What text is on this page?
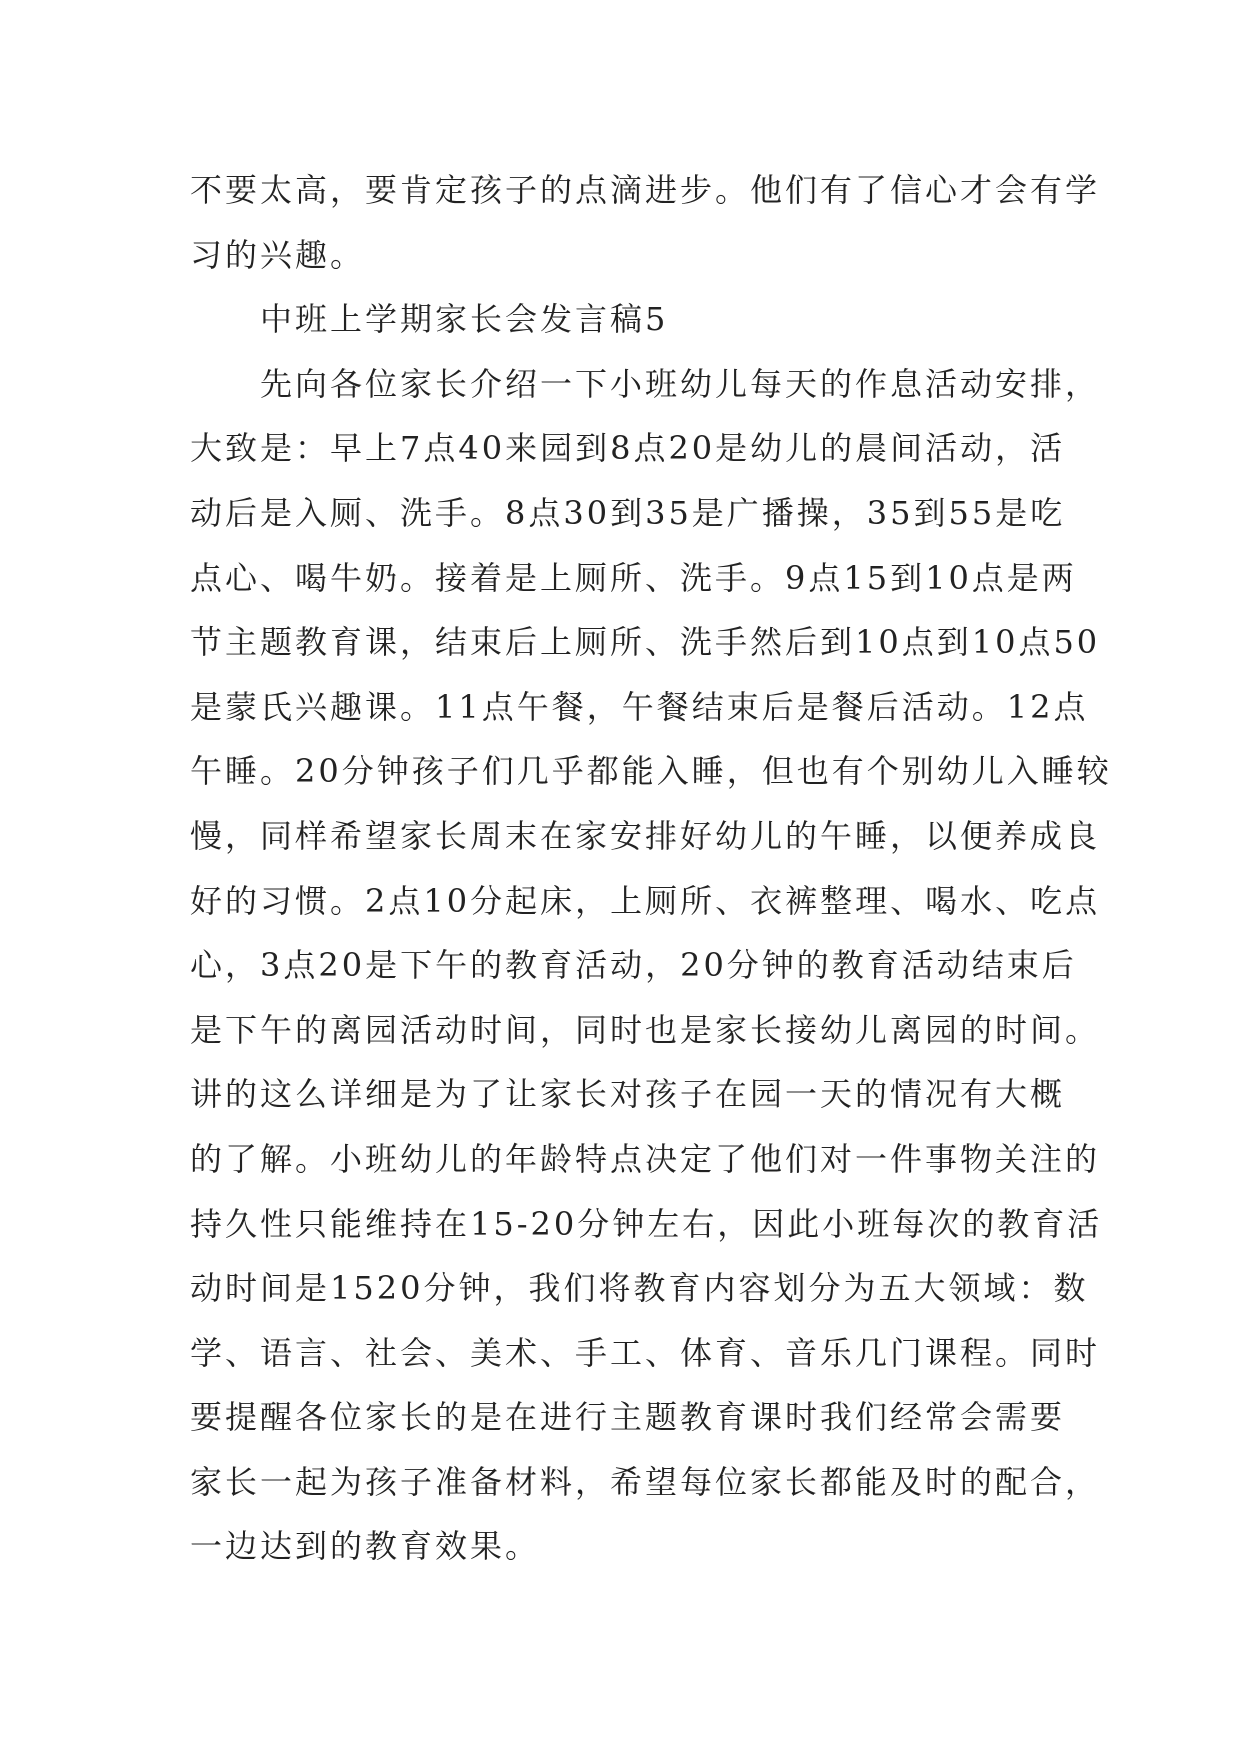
不要太高，要肯定孩子的点滴进步。他们有了信心才会有学
习的兴趣。
中班上学期家长会发言稿5
先向各位家长介绍一下小班幼儿每天的作息活动安排，
大致是：早上7点40来园到8点20是幼儿的晨间活动，活
动后是入厕、洗手。8点30到35是广播操，35到55是吃
点心、喝牛奶。接着是上厕所、洗手。9点15到10点是两
节主题教育课，结束后上厕所、洗手然后到10点到10点50
是蒙氏兴趣课。11点午餐，午餐结束后是餐后活动。12点
午睡。20分钟孩子们几乎都能入睡，但也有个别幼儿入睡较
慢，同样希望家长周末在家安排好幼儿的午睡，以便养成良
好的习惯。2点10分起床，上厕所、衣裤整理、喝水、吃点
心，3点20是下午的教育活动，20分钟的教育活动结束后
是下午的离园活动时间，同时也是家长接幼儿离园的时间。
讲的这么详细是为了让家长对孩子在园一天的情况有大概
的了解。小班幼儿的年龄特点决定了他们对一件事物关注的
持久性只能维持在15-20分钟左右，因此小班每次的教育活
动时间是1520分钟，我们将教育内容划分为五大领域：数
学、语言、社会、美术、手工、体育、音乐几门课程。同时
要提醒各位家长的是在进行主题教育课时我们经常会需要
家长一起为孩子准备材料，希望每位家长都能及时的配合，
一边达到的教育效果。
